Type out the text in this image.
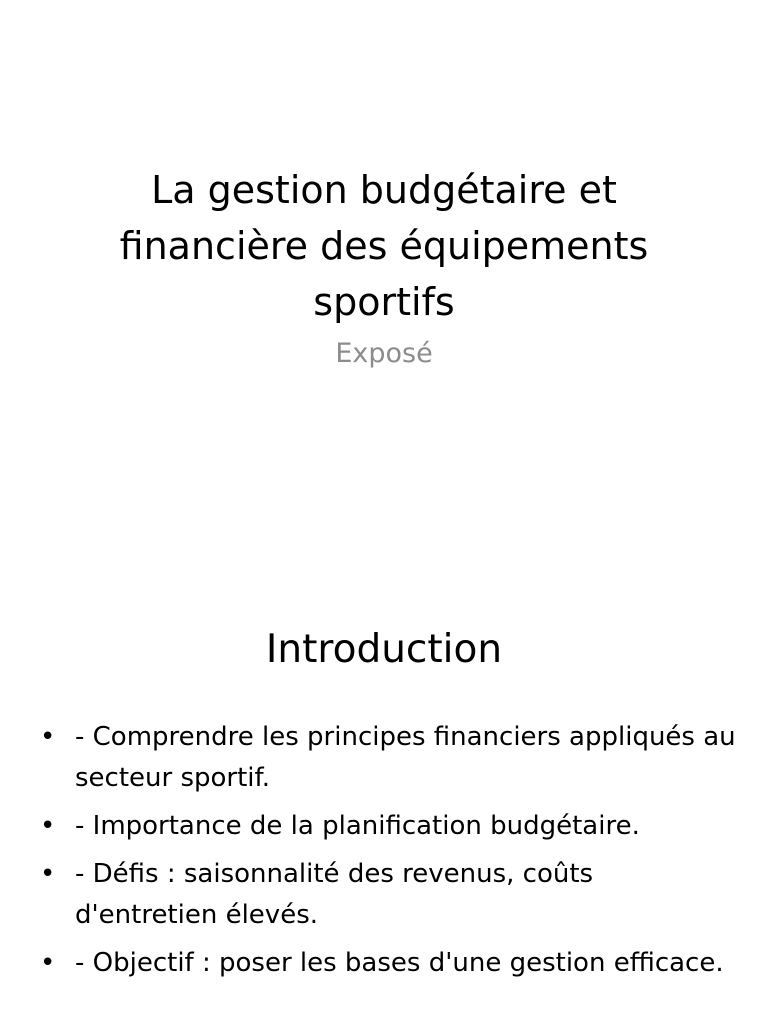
La gestion budgétaire et financière des équipements sportifs

Exposé

Introduction
• - Comprendre les principes financiers appliqués au secteur sportif.
• - Importance de la planification budgétaire.
• - Défis : saisonnalité des revenus, coûts d'entretien élevés.
• - Objectif : poser les bases d'une gestion efficace.
